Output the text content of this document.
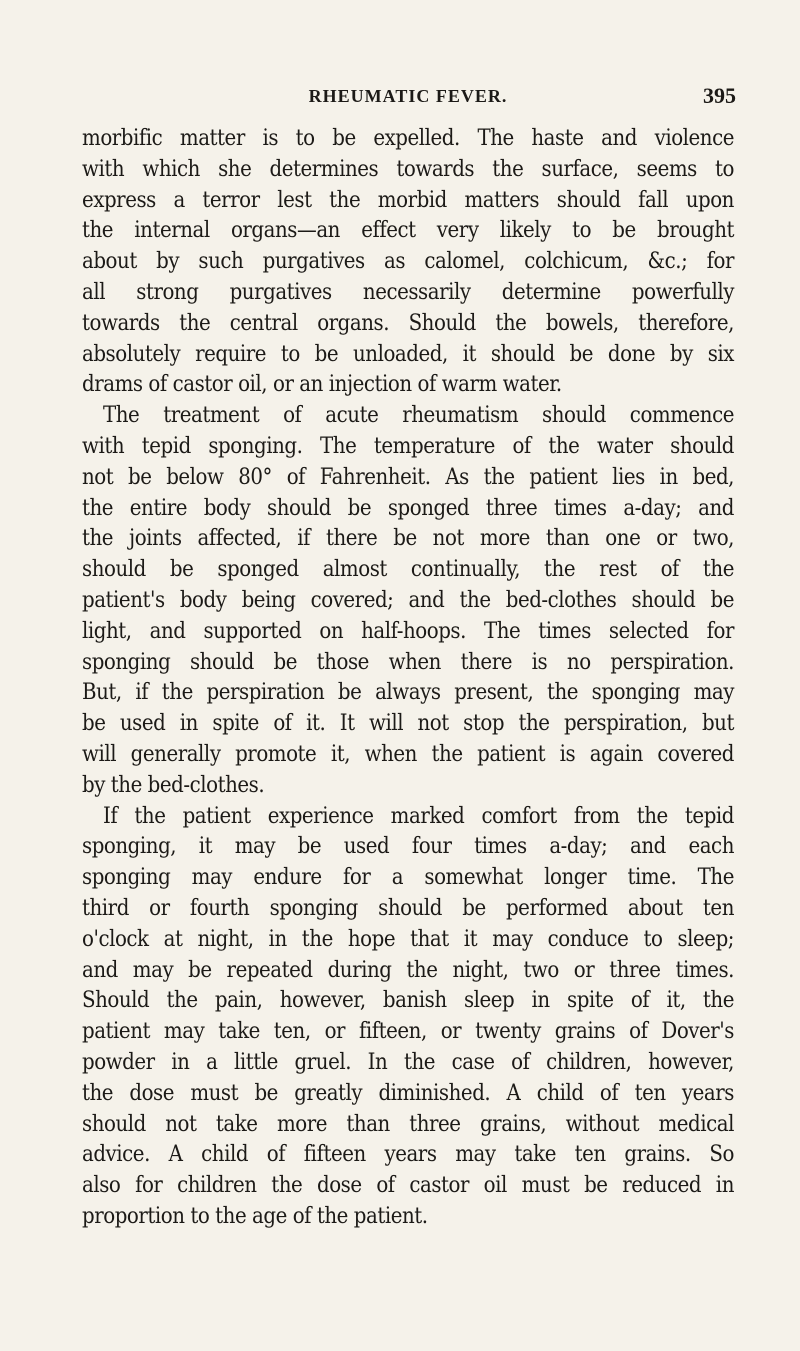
RHEUMATIC FEVER.	395
morbific matter is to be expelled. The haste and violence
with which she determines towards the surface, seems to
express a terror lest the morbid matters should fall upon
the internal organs—an effect very likely to be brought
about by such purgatives as calomel, colchicum, &c.; for
all strong purgatives necessarily determine powerfully
towards the central organs. Should the bowels, therefore,
absolutely require to be unloaded, it should be done by six
drams of castor oil, or an injection of warm water.
The treatment of acute rheumatism should commence
with tepid sponging. The temperature of the water should
not be below 80° of Fahrenheit. As the patient lies in bed,
the entire body should be sponged three times a-day; and
the joints affected, if there be not more than one or two,
should be sponged almost continually, the rest of the
patient's body being covered; and the bed-clothes should be
light, and supported on half-hoops. The times selected for
sponging should be those when there is no perspiration.
But, if the perspiration be always present, the sponging may
be used in spite of it. It will not stop the perspiration, but
will generally promote it, when the patient is again covered
by the bed-clothes.
If the patient experience marked comfort from the tepid
sponging, it may be used four times a-day; and each
sponging may endure for a somewhat longer time. The
third or fourth sponging should be performed about ten
o'clock at night, in the hope that it may conduce to sleep;
and may be repeated during the night, two or three times.
Should the pain, however, banish sleep in spite of it, the
patient may take ten, or fifteen, or twenty grains of Dover's
powder in a little gruel. In the case of children, however,
the dose must be greatly diminished. A child of ten years
should not take more than three grains, without medical
advice. A child of fifteen years may take ten grains. So
also for children the dose of castor oil must be reduced in
proportion to the age of the patient.
